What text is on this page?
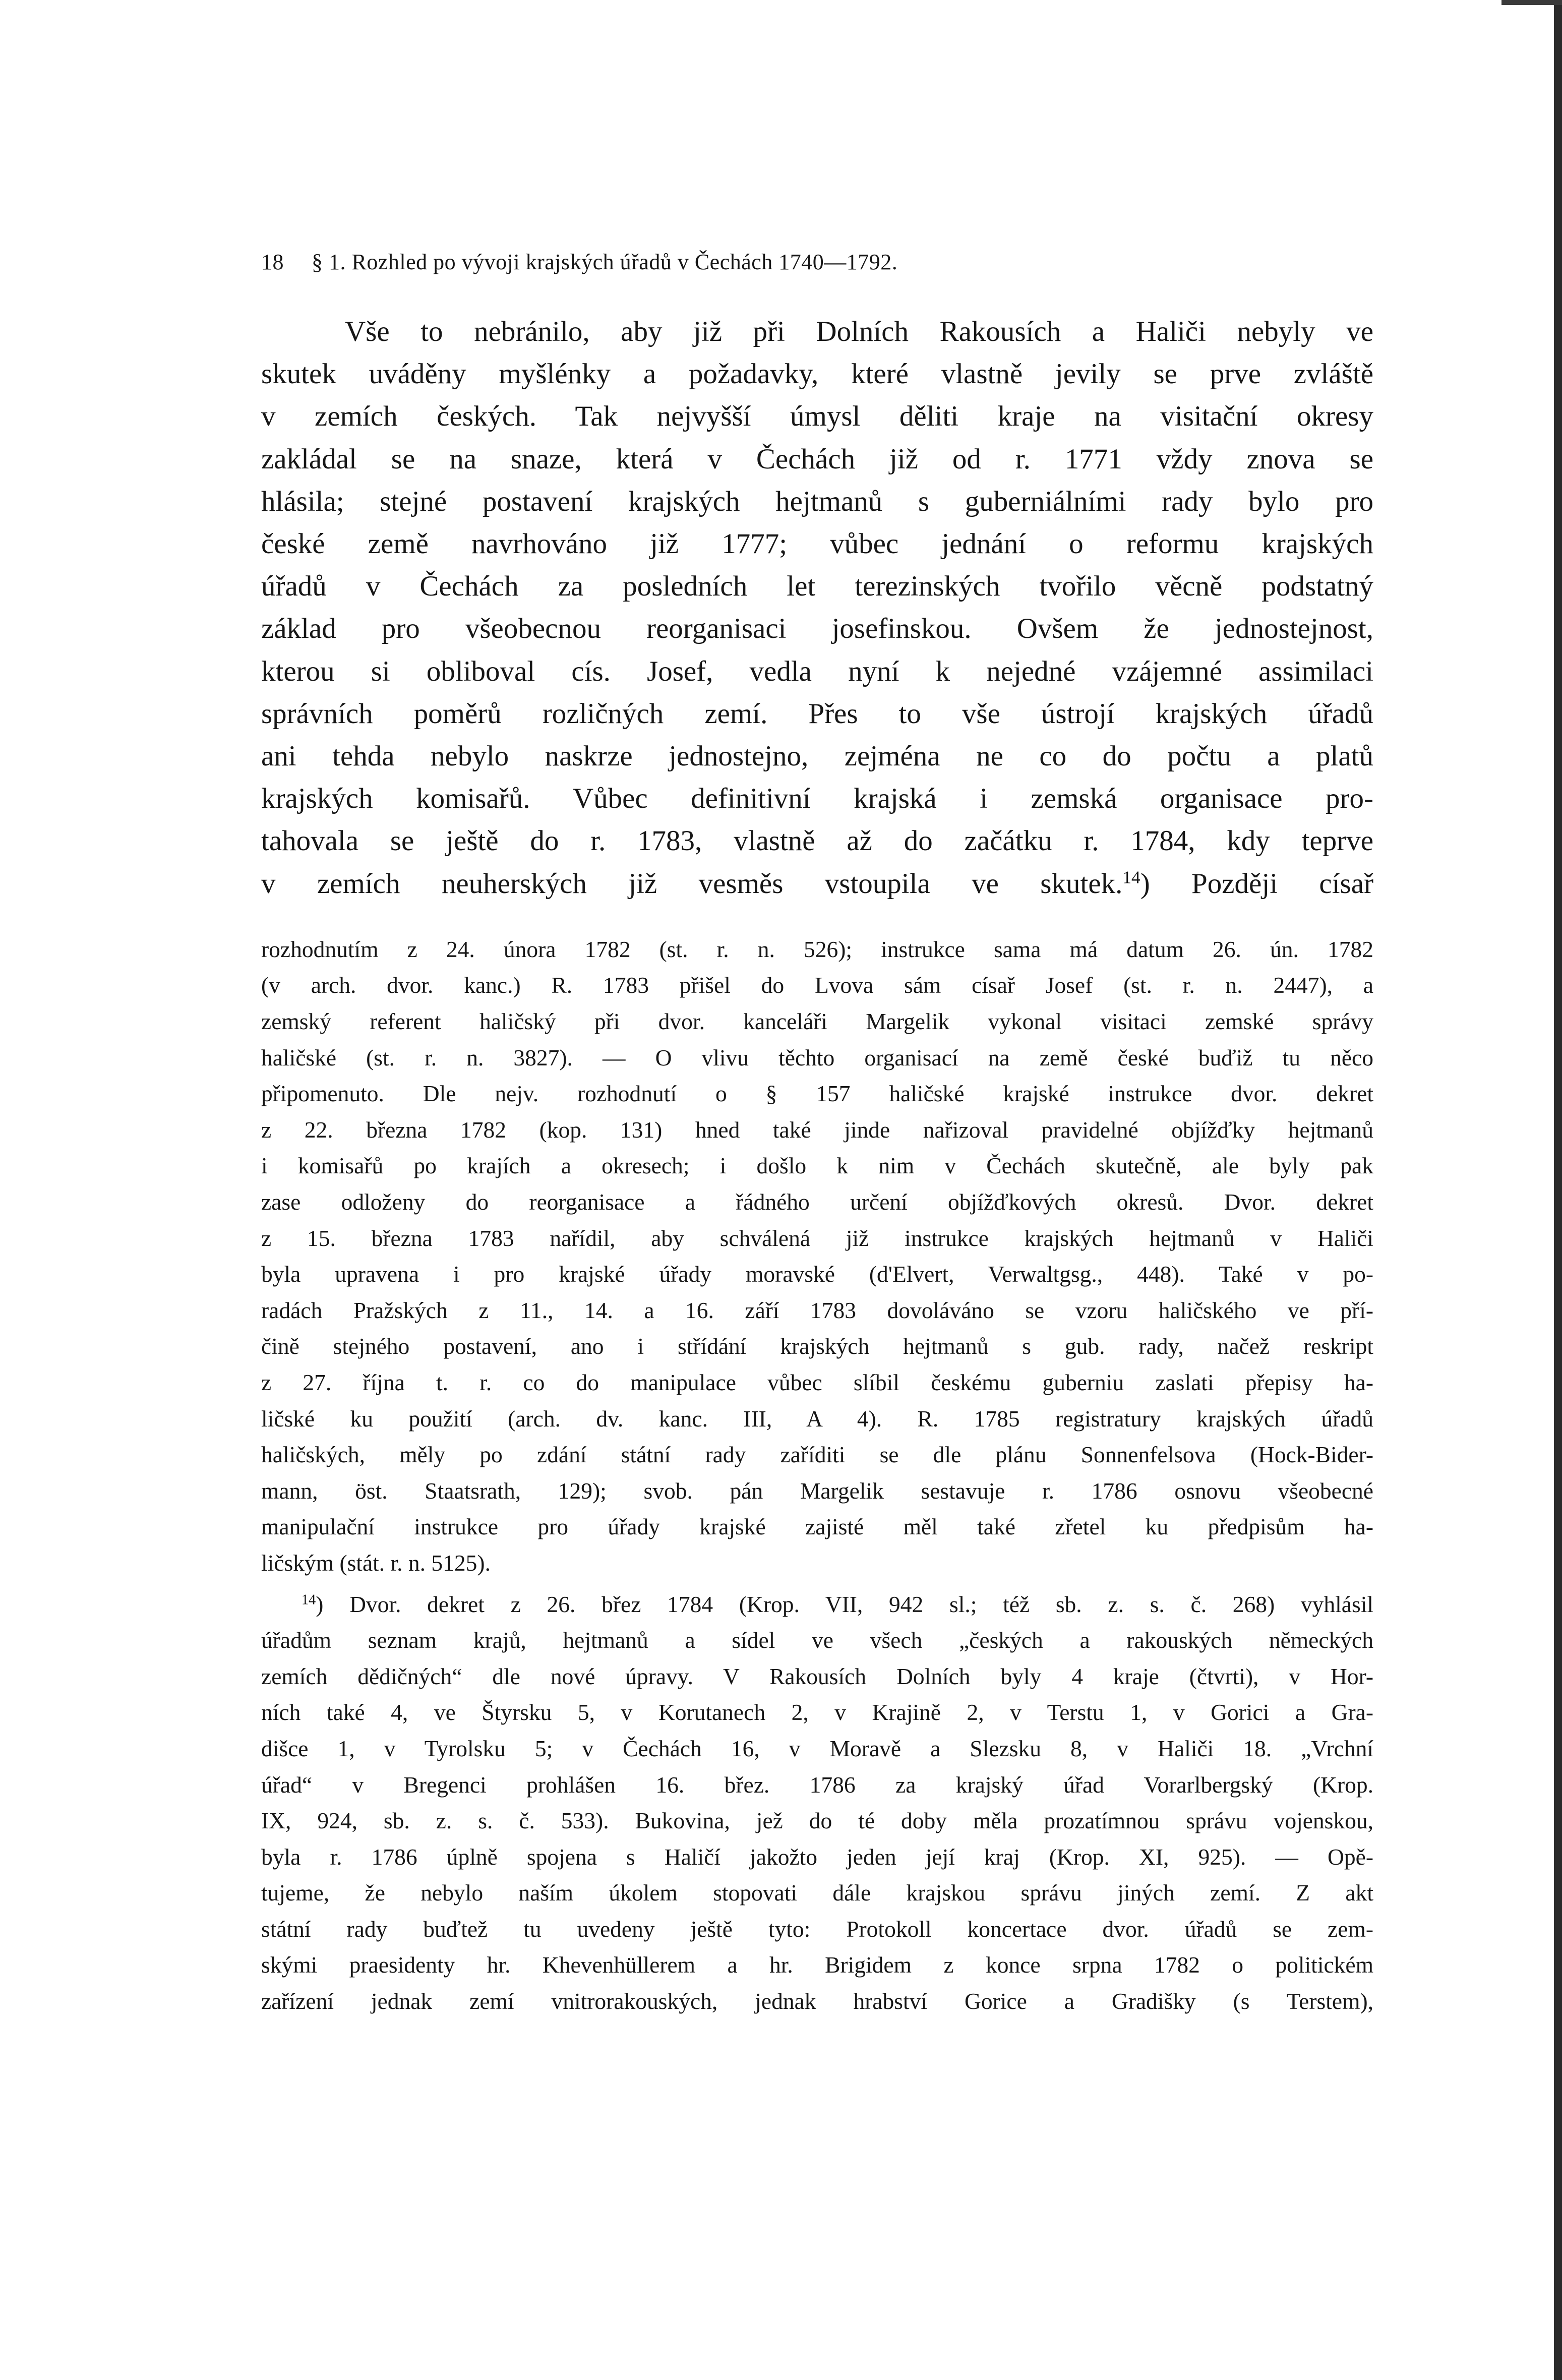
18 § 1. Rozhled po vývoji krajských úřadů v Čechách 1740—1792.
Vše to nebránilo, aby již při Dolních Rakousích a Haliči nebyly ve
skutek uváděny myšlénky a požadavky, které vlastně jevily se prve zvláště
v zemích českých. Tak nejvyšší úmysl děliti kraje na visitační okresy
zakládal se na snaze, která v Čechách již od r. 1771 vždy znova se
hlásila; stejné postavení krajských hejtmanů s guberniálními rady bylo pro
české země navrhováno již 1777; vůbec jednání o reformu krajských
úřadů v Čechách za posledních let terezinských tvořilo věcně podstatný
základ pro všeobecnou reorganisaci josefinskou. Ovšem že jednostejnost,
kterou si obliboval cís. Josef, vedla nyní k nejedné vzájemné assimilaci
správních poměrů rozličných zemí. Přes to vše ústrojí krajských úřadů
ani tehda nebylo naskrze jednostejno, zejména ne co do počtu a platů
krajských komisařů. Vůbec definitivní krajská i zemská organisace pro-
tahovala se ještě do r. 1783, vlastně až do začátku r. 1784, kdy teprve
v zemích neuherských již vesměs vstoupila ve skutek.$^{14}$) Později císař
rozhodnutím z 24. února 1782 (st. r. n. 526); instrukce sama má datum 26. ún. 1782
(v arch. dvor. kanc.) R. 1783 přišel do Lvova sám císař Josef (st. r. n. 2447), a
zemský referent haličský při dvor. kanceláři Margelik vykonal visitaci zemské správy
haličské (st. r. n. 3827). — O vlivu těchto organisací na země české buďiž tu něco
připomenuto. Dle nejv. rozhodnutí o § 157 haličské krajské instrukce dvor. dekret
z 22. března 1782 (kop. 131) hned také jinde nařizoval pravidelné objížďky hejtmanů
i komisařů po krajích a okresech; i došlo k nim v Čechách skutečně, ale byly pak
zase odloženy do reorganisace a řádného určení objížďkových okresů. Dvor. dekret
z 15. března 1783 nařídil, aby schválená již instrukce krajských hejtmanů v Haliči
byla upravena i pro krajské úřady moravské (d'Elvert, Verwaltgsg., 448). Také v po-
radách Pražských z 11., 14. a 16. září 1783 dovoláváno se vzoru haličského ve pří-
čině stejného postavení, ano i střídání krajských hejtmanů s gub. rady, načež reskript
z 27. října t. r. co do manipulace vůbec slíbil českému guberniu zaslati přepisy ha-
ličské ku použití (arch. dv. kanc. III, A 4). R. 1785 registratury krajských úřadů
haličských, měly po zdání státní rady zaříditi se dle plánu Sonnenfelsova (Hock-Bider-
mann, öst. Staatsrath, 129); svob. pán Margelik sestavuje r. 1786 osnovu všeobecné
manipulační instrukce pro úřady krajské zajisté měl také zřetel ku předpisům ha-
ličským (stát. r. n. 5125).
$^{14}$) Dvor. dekret z 26. břez 1784 (Krop. VII, 942 sl.; též sb. z. s. č. 268) vyhlásil
úřadům seznam krajů, hejtmanů a sídel ve všech „českých a rakouských německých
zemích dědičných“ dle nové úpravy. V Rakousích Dolních byly 4 kraje (čtvrti), v Hor-
ních také 4, ve Štyrsku 5, v Korutanech 2, v Krajině 2, v Terstu 1, v Gorici a Gra-
dišce 1, v Tyrolsku 5; v Čechách 16, v Moravě a Slezsku 8, v Haliči 18. „Vrchní
úřad“ v Bregenci prohlášen 16. břez. 1786 za krajský úřad Vorarlbergský (Krop.
IX, 924, sb. z. s. č. 533). Bukovina, jež do té doby měla prozatímnou správu vojenskou,
byla r. 1786 úplně spojena s Haličí jakožto jeden její kraj (Krop. XI, 925). — Opě-
tujeme, že nebylo naším úkolem stopovati dále krajskou správu jiných zemí. Z akt
státní rady buďtež tu uvedeny ještě tyto: Protokoll koncertace dvor. úřadů se zem-
skými praesidenty hr. Khevenhüllerem a hr. Brigidem z konce srpna 1782 o politickém
zařízení jednak zemí vnitrorakouských, jednak hrabství Gorice a Gradišky (s Terstem),
